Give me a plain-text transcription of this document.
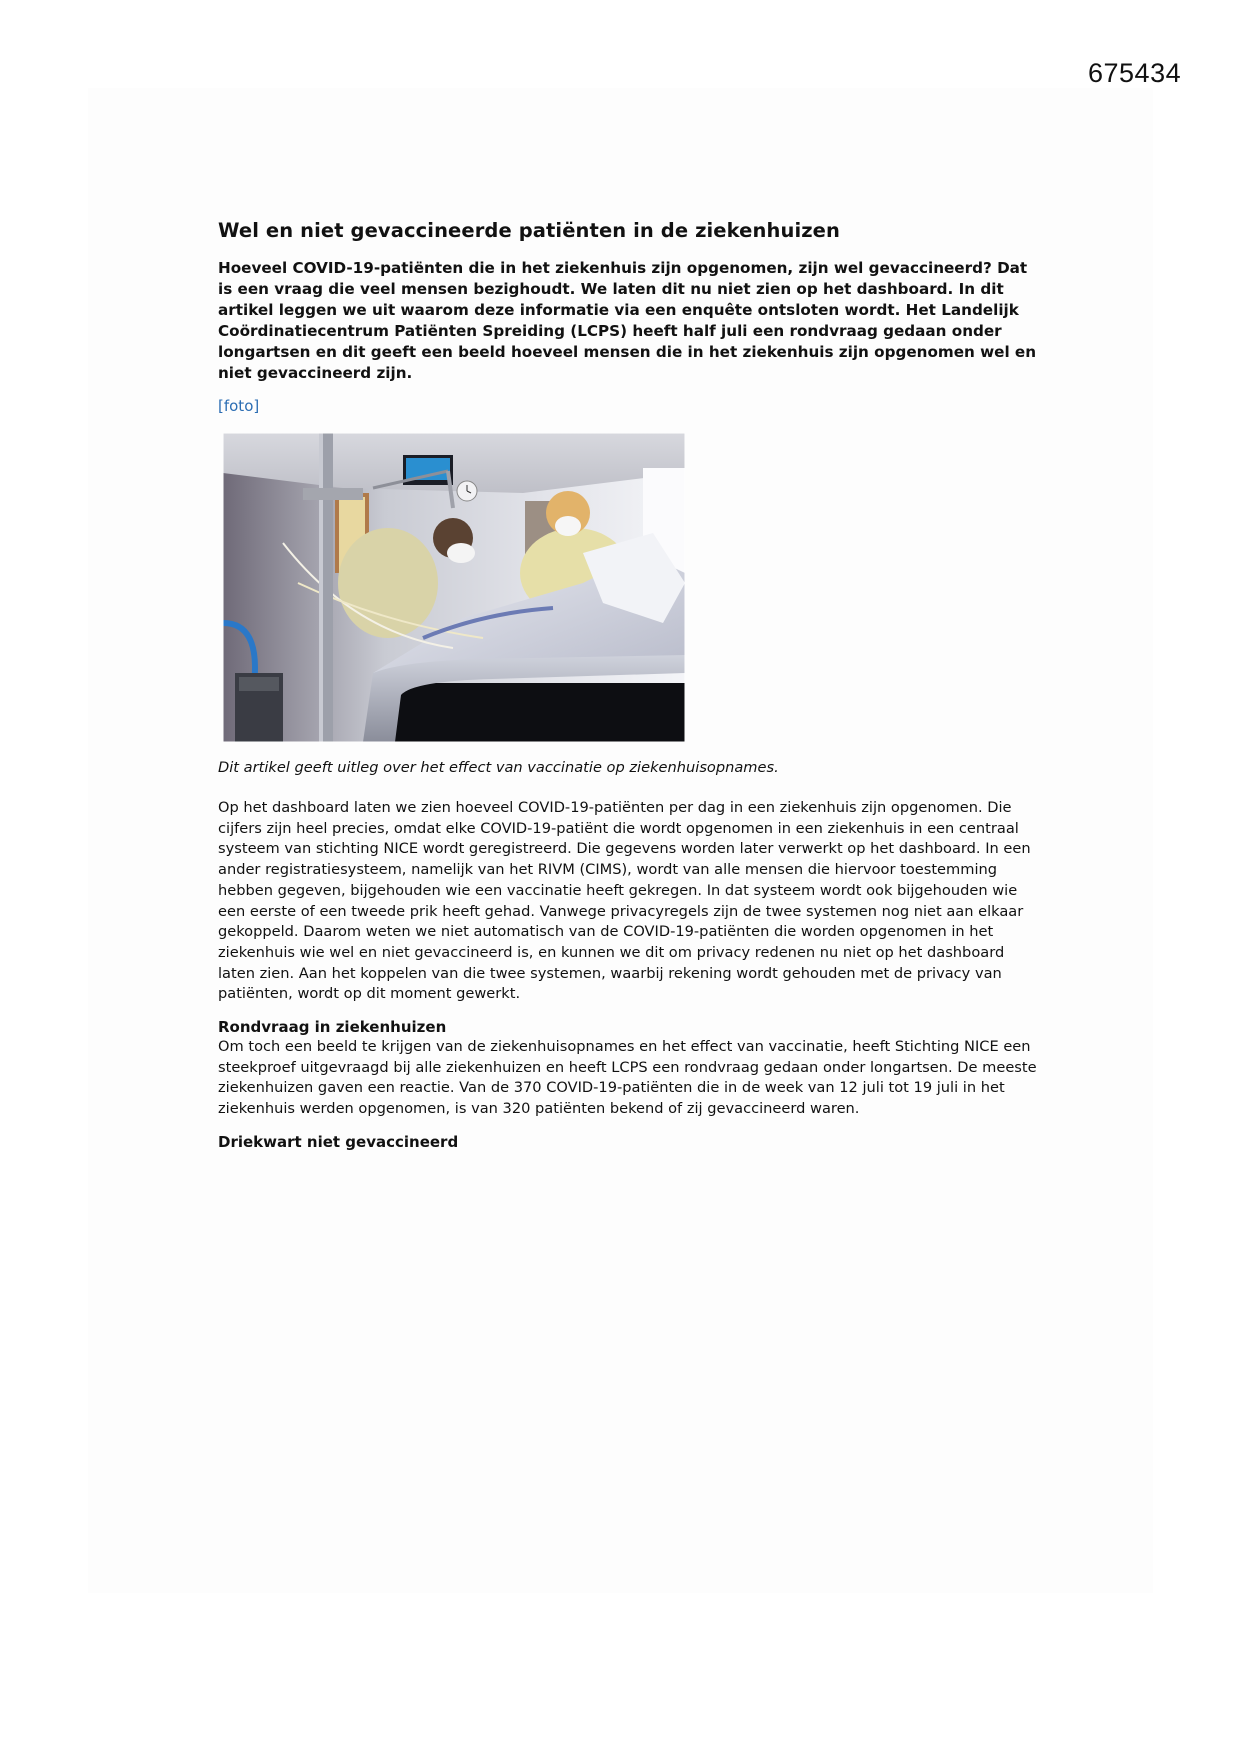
675434
Wel en niet gevaccineerde patiënten in de ziekenhuizen

Hoeveel COVID-19-patiënten die in het ziekenhuis zijn opgenomen, zijn wel gevaccineerd? Dat is een vraag die veel mensen bezighoudt. We laten dit nu niet zien op het dashboard. In dit artikel leggen we uit waarom deze informatie via een enquête ontsloten wordt. Het Landelijk Coördinatiecentrum Patiënten Spreiding (LCPS) heeft half juli een rondvraag gedaan onder longartsen en dit geeft een beeld hoeveel mensen die in het ziekenhuis zijn opgenomen wel en niet gevaccineerd zijn.

[foto]

Dit artikel geeft uitleg over het effect van vaccinatie op ziekenhuisopnames.

Op het dashboard laten we zien hoeveel COVID-19-patiënten per dag in een ziekenhuis zijn opgenomen. Die cijfers zijn heel precies, omdat elke COVID-19-patiënt die wordt opgenomen in een ziekenhuis in een centraal systeem van stichting NICE wordt geregistreerd. Die gegevens worden later verwerkt op het dashboard. In een ander registratiesysteem, namelijk van het RIVM (CIMS), wordt van alle mensen die hiervoor toestemming hebben gegeven, bijgehouden wie een vaccinatie heeft gekregen. In dat systeem wordt ook bijgehouden wie een eerste of een tweede prik heeft gehad. Vanwege privacyregels zijn de twee systemen nog niet aan elkaar gekoppeld. Daarom weten we niet automatisch van de COVID-19-patiënten die worden opgenomen in het ziekenhuis wie wel en niet gevaccineerd is, en kunnen we dit om privacy redenen nu niet op het dashboard laten zien. Aan het koppelen van die twee systemen, waarbij rekening wordt gehouden met de privacy van patiënten, wordt op dit moment gewerkt.

Rondvraag in ziekenhuizen

Om toch een beeld te krijgen van de ziekenhuisopnames en het effect van vaccinatie, heeft Stichting NICE een steekproef uitgevraagd bij alle ziekenhuizen en heeft LCPS een rondvraag gedaan onder longartsen. De meeste ziekenhuizen gaven een reactie. Van de 370 COVID-19-patiënten die in de week van 12 juli tot 19 juli in het ziekenhuis werden opgenomen, is van 320 patiënten bekend of zij gevaccineerd waren.

Driekwart niet gevaccineerd
